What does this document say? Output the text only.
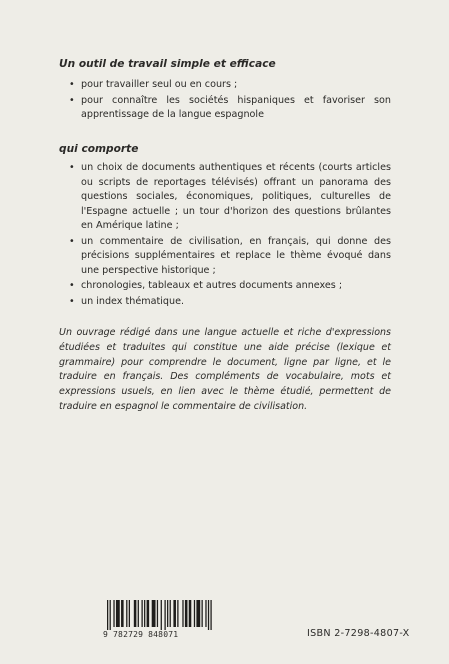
Un outil de travail simple et efficace

• pour travailler seul ou en cours ;
• pour connaître les sociétés hispaniques et favoriser son apprentissage de la langue espagnole

qui comporte

• un choix de documents authentiques et récents (courts articles ou scripts de reportages télévisés) offrant un panorama des questions sociales, économiques, politiques, culturelles de l'Espagne actuelle ; un tour d'horizon des questions brûlantes en Amérique latine ;
• un commentaire de civilisation, en français, qui donne des précisions supplémentaires et replace le thème évoqué dans une perspective historique ;
• chronologies, tableaux et autres documents annexes ;
• un index thématique.

Un ouvrage rédigé dans une langue actuelle et riche d'expressions étudiées et traduites qui constitue une aide précise (lexique et grammaire) pour comprendre le document, ligne par ligne, et le traduire en français. Des compléments de vocabulaire, mots et expressions usuels, en lien avec le thème étudié, permettent de traduire en espagnol le commentaire de civilisation.

9 782729 848071	ISBN 2-7298-4807-X
